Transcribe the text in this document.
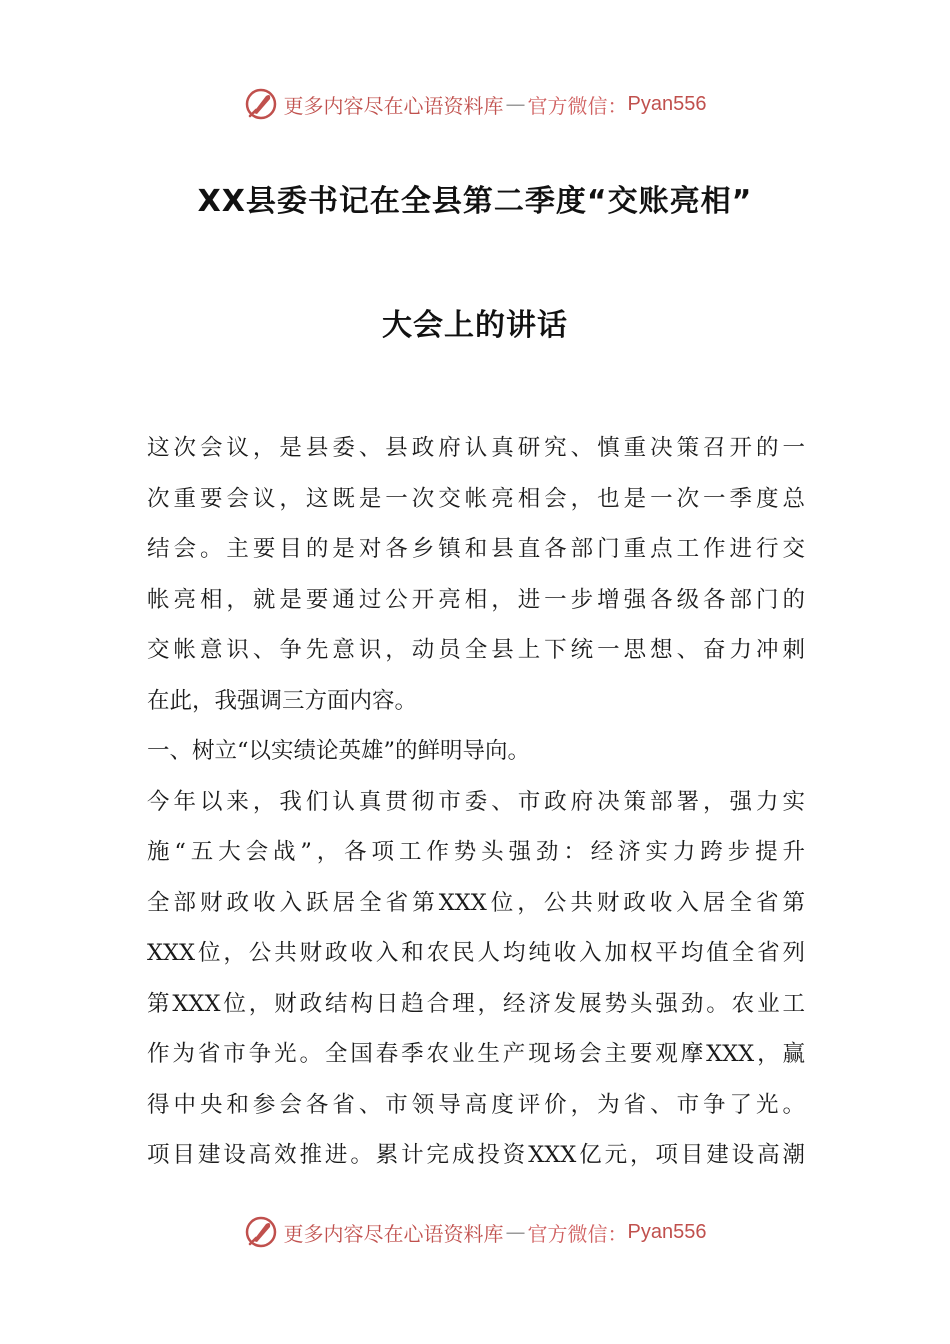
更多内容尽在心语资料库 — 官方微信： Pyan556
XX县委书记在全县第二季度“交账亮相”
大会上的讲话
这次会议，是县委、县政府认真研究、慎重决策召开的一
次重要会议，这既是一次交帐亮相会，也是一次一季度总
结会。主要目的是对各乡镇和县直各部门重点工作进行交
帐亮相，就是要通过公开亮相，进一步增强各级各部门的
交帐意识、争先意识，动员全县上下统一思想、奋力冲刺
在此，我强调三方面内容。
一、树立“以实绩论英雄”的鲜明导向。
今年以来，我们认真贯彻市委、市政府决策部署，强力实
施“五大会战”，各项工作势头强劲：经济实力跨步提升
全部财政收入跃居全省第XXX位，公共财政收入居全省第
XXX位，公共财政收入和农民人均纯收入加权平均值全省列
第XXX位，财政结构日趋合理，经济发展势头强劲。农业工
作为省市争光。全国春季农业生产现场会主要观摩XXX，赢
得中央和参会各省、市领导高度评价，为省、市争了光。
项目建设高效推进。累计完成投资XXX亿元，项目建设高潮
更多内容尽在心语资料库 — 官方微信： Pyan556
